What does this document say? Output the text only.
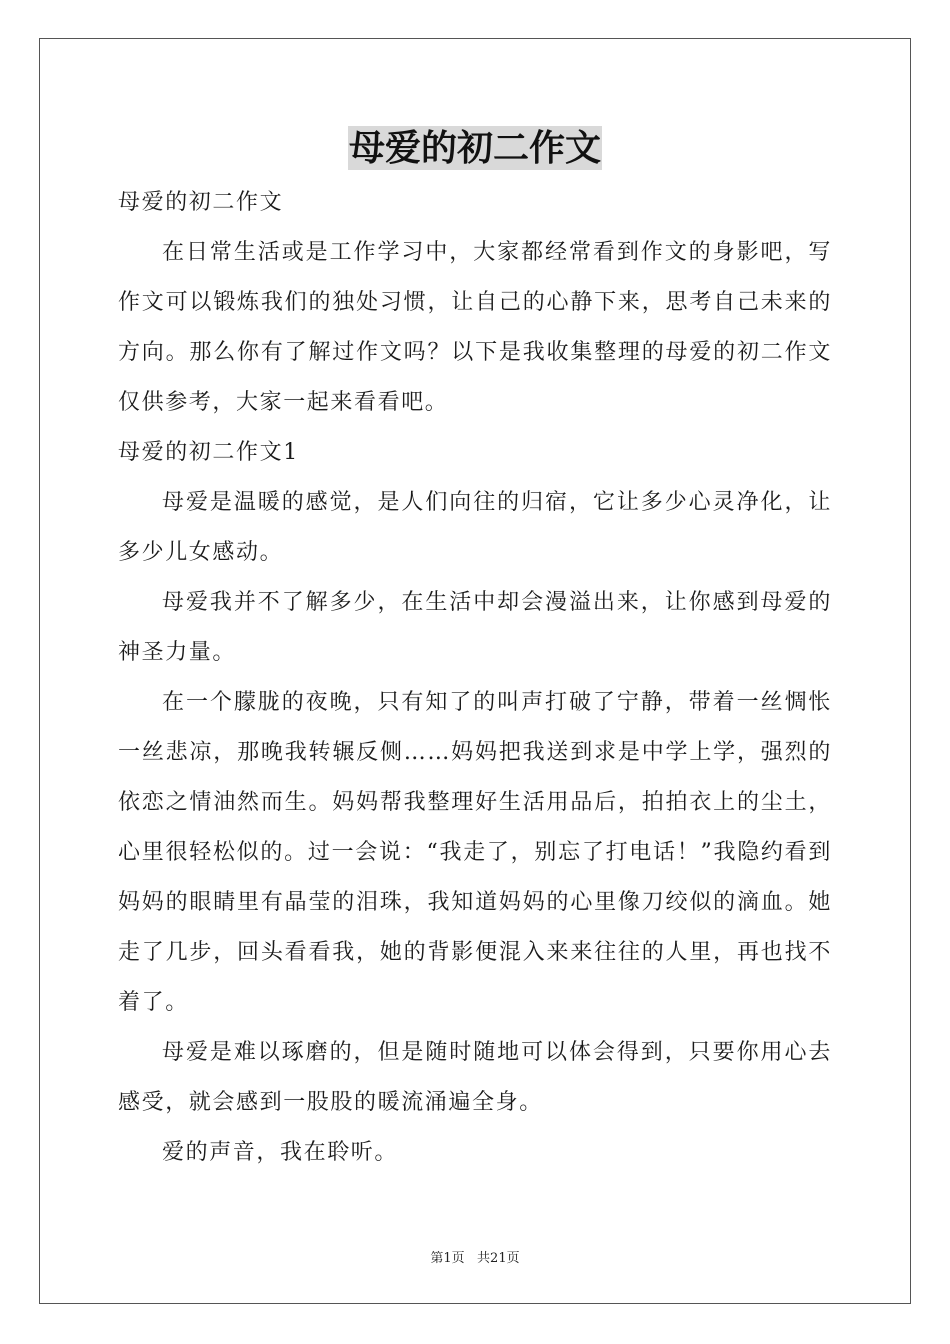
母爱的初二作文

母爱的初二作文

在日常生活或是工作学习中，大家都经常看到作文的身影吧，写作文可以锻炼我们的独处习惯，让自己的心静下来，思考自己未来的方向。那么你有了解过作文吗？以下是我收集整理的母爱的初二作文仅供参考，大家一起来看看吧。

母爱的初二作文1

母爱是温暖的感觉，是人们向往的归宿，它让多少心灵净化，让多少儿女感动。

母爱我并不了解多少，在生活中却会漫溢出来，让你感到母爱的神圣力量。

在一个朦胧的夜晚，只有知了的叫声打破了宁静，带着一丝惆怅一丝悲凉，那晚我转辗反侧……妈妈把我送到求是中学上学，强烈的依恋之情油然而生。妈妈帮我整理好生活用品后，拍拍衣上的尘土，心里很轻松似的。过一会说：“我走了，别忘了打电话！”我隐约看到妈妈的眼睛里有晶莹的泪珠，我知道妈妈的心里像刀绞似的滴血。她走了几步，回头看看我，她的背影便混入来来往往的人里，再也找不着了。

母爱是难以琢磨的，但是随时随地可以体会得到，只要你用心去感受，就会感到一股股的暖流涌遍全身。

爱的声音，我在聆听。

第1页   共21页
